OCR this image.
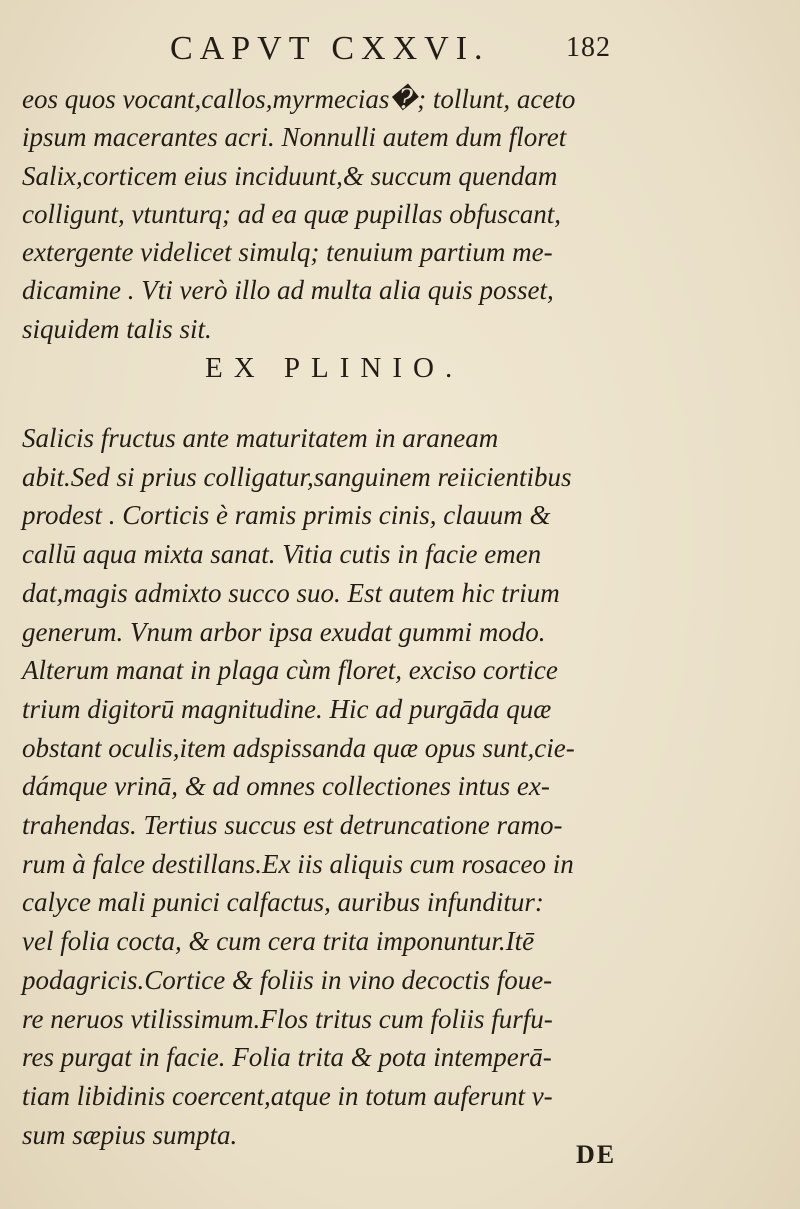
CAPVT CXXVI.	182
eos quos vocant,callos,myrmecias�; tollunt, aceto
ipsum macerantes acri. Nonnulli autem dum floret
Salix,corticem eius inciduunt,& succum quendam
colligunt, vtunturq; ad ea quæ pupillas obfuscant,
extergente videlicet simulq; tenuium partium me-
dicamine . Vti verò illo ad multa alia quis posset,
siquidem talis sit.
EX PLINIO.
Salicis fructus ante maturitatem in araneam
abit.Sed si prius colligatur,sanguinem reiicientibus
prodest . Corticis è ramis primis cinis, clauum &
callū aqua mixta sanat. Vitia cutis in facie emen
dat,magis admixto succo suo. Est autem hic trium
generum. Vnum arbor ipsa exudat gummi modo.
Alterum manat in plaga cùm floret, exciso cortice
trium digitorū magnitudine. Hic ad purgāda quæ
obstant oculis,item adspissanda quæ opus sunt,cie-
dámque vrinā, & ad omnes collectiones intus ex-
trahendas. Tertius succus est detruncatione ramo-
rum à falce destillans.Ex iis aliquis cum rosaceo in
calyce mali punici calfactus, auribus infunditur:
vel folia cocta, & cum cera trita imponuntur.Itē
podagricis.Cortice & foliis in vino decoctis foue-
re neruos vtilissimum.Flos tritus cum foliis furfu-
res purgat in facie. Folia trita & pota intemperā-
tiam libidinis coercent,atque in totum auferunt v-
sum sæpius sumpta.
DE
